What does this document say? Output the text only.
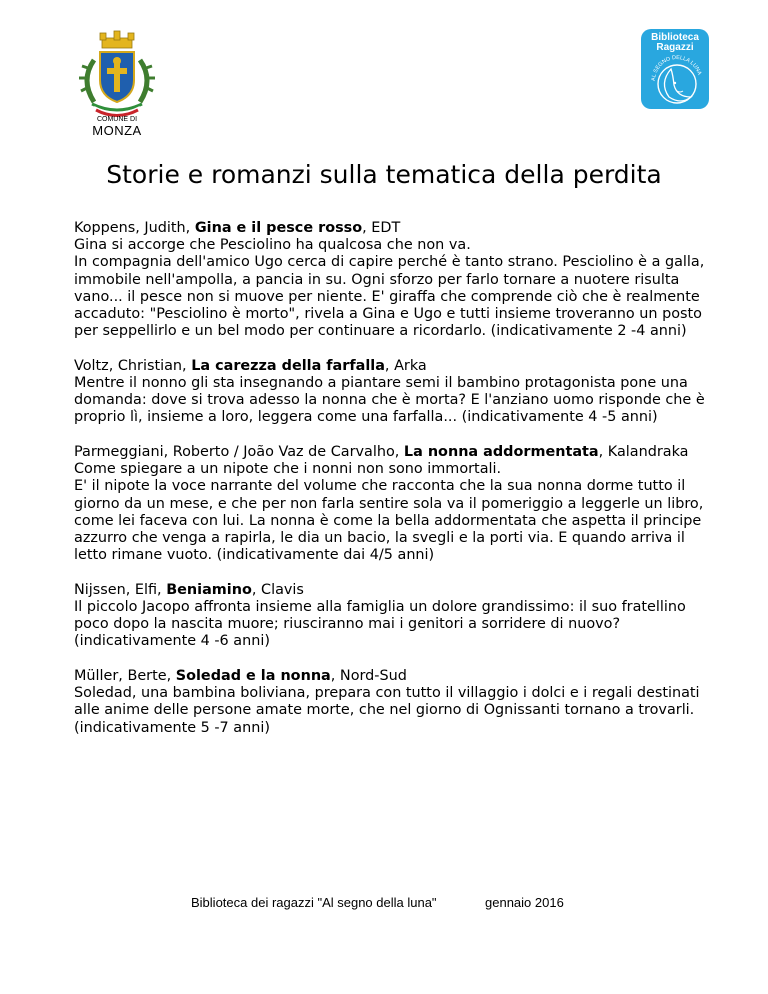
COMUNE DI
MONZA
Biblioteca
Ragazzi
AL SEGNO DELLA LUNA
Storie e romanzi sulla tematica della perdita

Koppens, Judith, Gina e il pesce rosso, EDT

Gina si accorge che Pesciolino ha qualcosa che non va.

In compagnia dell'amico Ugo cerca di capire perché è tanto strano. Pesciolino è a galla, immobile nell'ampolla, a pancia in su. Ogni sforzo per farlo tornare a nuotere risulta vano... il pesce non si muove per niente. E' giraffa che comprende ciò che è realmente accaduto: "Pesciolino è morto", rivela a Gina e Ugo e tutti insieme troveranno un posto per seppellirlo e un bel modo per continuare a ricordarlo. (indicativamente 2 -4 anni)

Voltz, Christian, La carezza della farfalla, Arka

Mentre il nonno gli sta insegnando a piantare semi il bambino protagonista pone una domanda: dove si trova adesso la nonna che è morta? E l'anziano uomo risponde che è proprio lì, insieme a loro, leggera come una farfalla... (indicativamente 4 -5 anni)

Parmeggiani, Roberto / João Vaz de Carvalho, La nonna addormentata, Kalandraka

Come spiegare a un nipote che i nonni non sono immortali.

E' il nipote la voce narrante del volume che racconta che la sua nonna dorme tutto il giorno da un mese, e che per non farla sentire sola va il pomeriggio a leggerle un libro, come lei faceva con lui. La nonna è come la bella addormentata che aspetta il principe azzurro che venga a rapirla, le dia un bacio, la svegli e la porti via. E quando arriva il letto rimane vuoto. (indicativamente dai 4/5 anni)

Nijssen, Elfi, Beniamino, Clavis

Il piccolo Jacopo affronta insieme alla famiglia un dolore grandissimo: il suo fratellino poco dopo la nascita muore; riusciranno mai i genitori a sorridere di nuovo? (indicativamente 4 -6 anni)

Müller, Berte, Soledad e la nonna, Nord-Sud

Soledad, una bambina boliviana, prepara con tutto il villaggio i dolci e i regali destinati alle anime delle persone amate morte, che nel giorno di Ognissanti tornano a trovarli. (indicativamente 5 -7 anni)

Biblioteca dei ragazzi "Al segno della luna"	gennaio 2016
